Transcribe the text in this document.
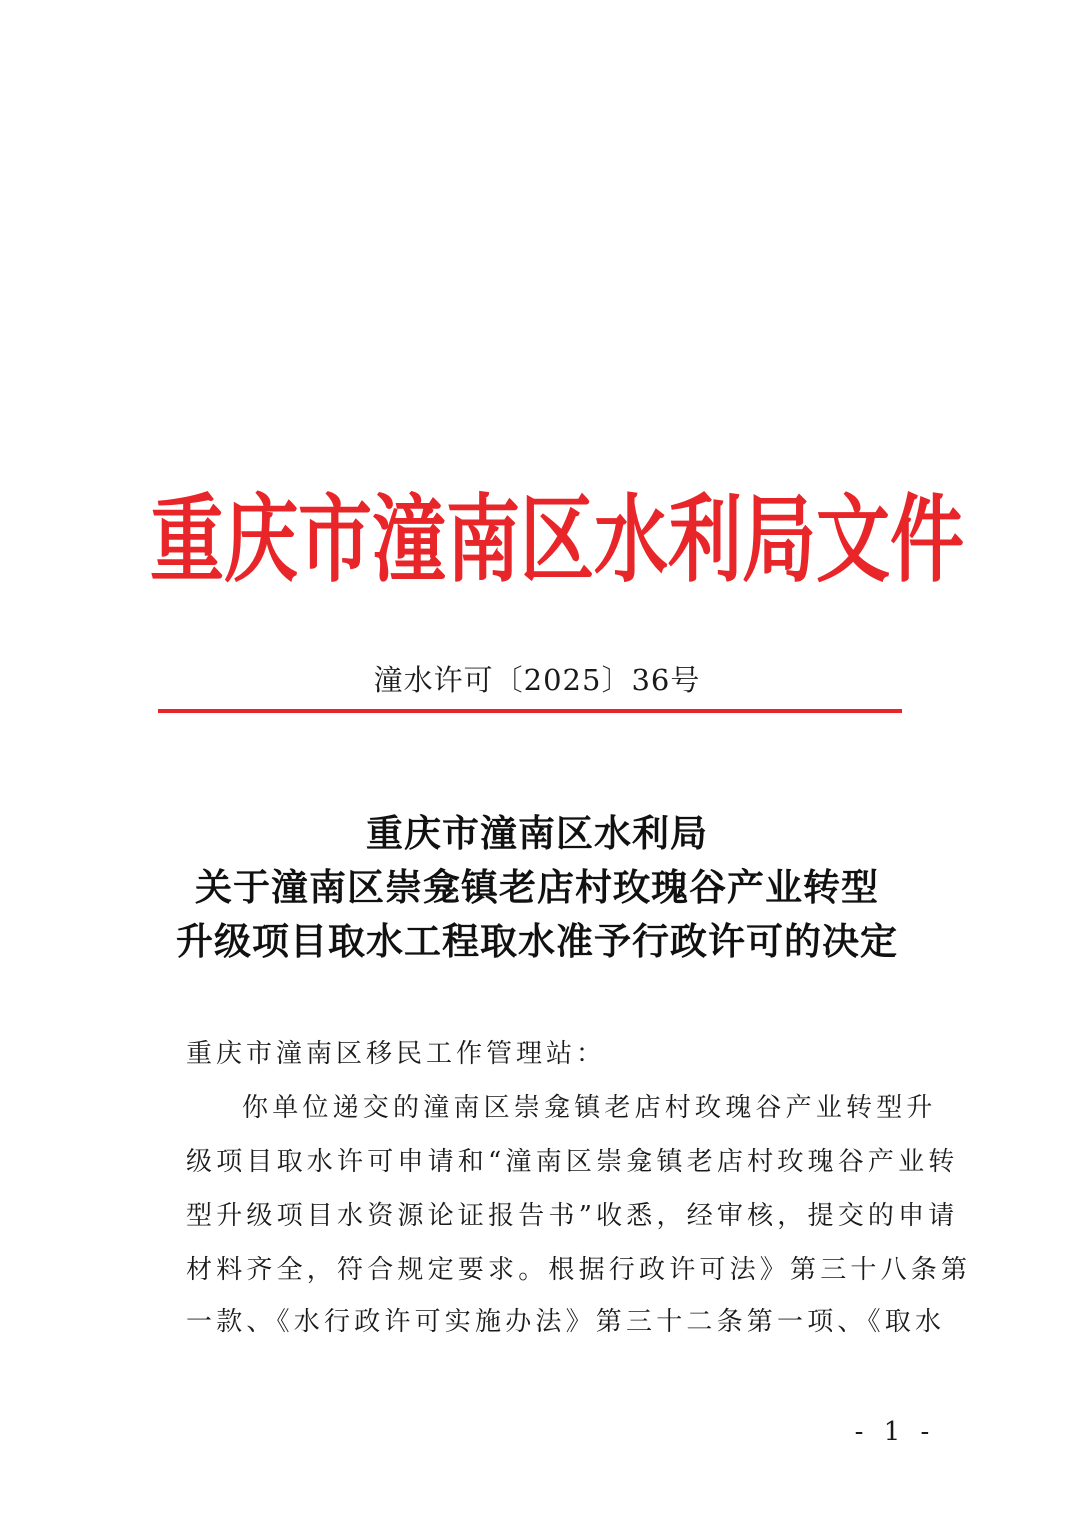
重庆市潼南区水利局文件
潼水许可〔2025〕36号
重庆市潼南区水利局
关于潼南区崇龛镇老店村玫瑰谷产业转型
升级项目取水工程取水准予行政许可的决定
重庆市潼南区移民工作管理站：
你单位递交的潼南区崇龛镇老店村玫瑰谷产业转型升
级项目取水许可申请和“潼南区崇龛镇老店村玫瑰谷产业转
型升级项目水资源论证报告书”收悉，经审核，提交的申请
材料齐全，符合规定要求。根据行政许可法》第三十八条第
一款、《水行政许可实施办法》第三十二条第一项、《取水
- 1 -
